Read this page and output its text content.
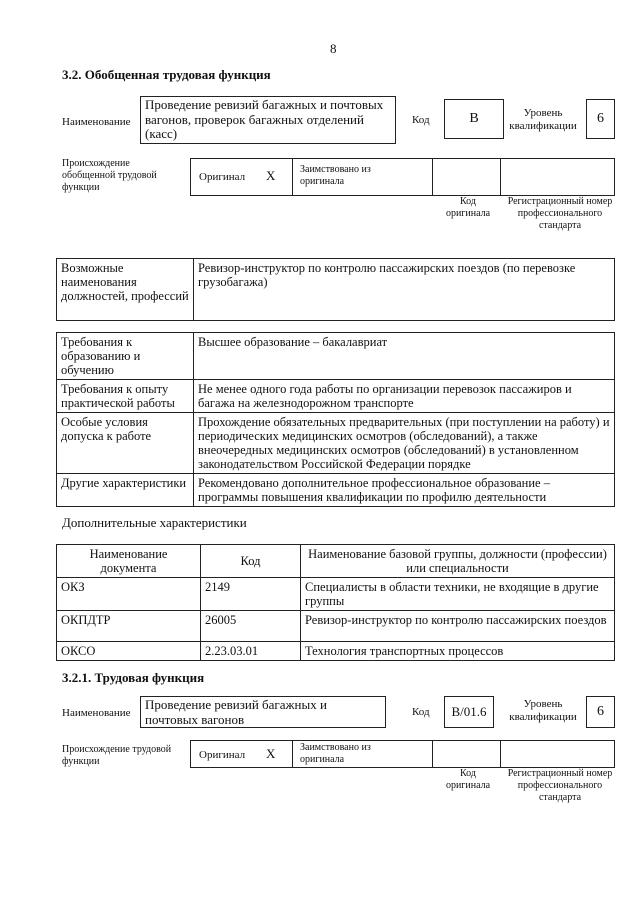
8
3.2. Обобщенная трудовая функция
Наименование
Проведение ревизий багажных и почтовых вагонов, проверок багажных отделений (касс)
Код	B	Уровень квалификации	6
Происхождение обобщенной трудовой функции
Оригинал X Заимствовано из оригинала
Код оригинала
Регистрационный номер профессионального стандарта
Возможные наименования должностей, профессий	Ревизор-инструктор по контролю пассажирских поездов (по перевозке грузобагажа)
Требования к образованию и обучению	Высшее образование – бакалавриат
Требования к опыту практической работы	Не менее одного года работы по организации перевозок пассажиров и багажа на железнодорожном транспорте
Особые условия допуска к работе	Прохождение обязательных предварительных (при поступлении на работу) и периодических медицинских осмотров (обследований), а также внеочередных медицинских осмотров (обследований) в установленном законодательством Российской Федерации порядке
Другие характеристики	Рекомендовано дополнительное профессиональное образование – программы повышения квалификации по профилю деятельности
Дополнительные характеристики
Наименование документа	Код	Наименование базовой группы, должности (профессии) или специальности
ОКЗ	2149	Специалисты в области техники, не входящие в другие группы
ОКПДТР	26005	Ревизор-инструктор по контролю пассажирских поездов
ОКСО	2.23.03.01	Технология транспортных процессов
3.2.1. Трудовая функция
Наименование
Проведение ревизий багажных и почтовых вагонов	Код	B/01.6	Уровень квалификации	6
Происхождение трудовой функции
Оригинал X Заимствовано из оригинала
Код оригинала
Регистрационный номер профессионального стандарта
